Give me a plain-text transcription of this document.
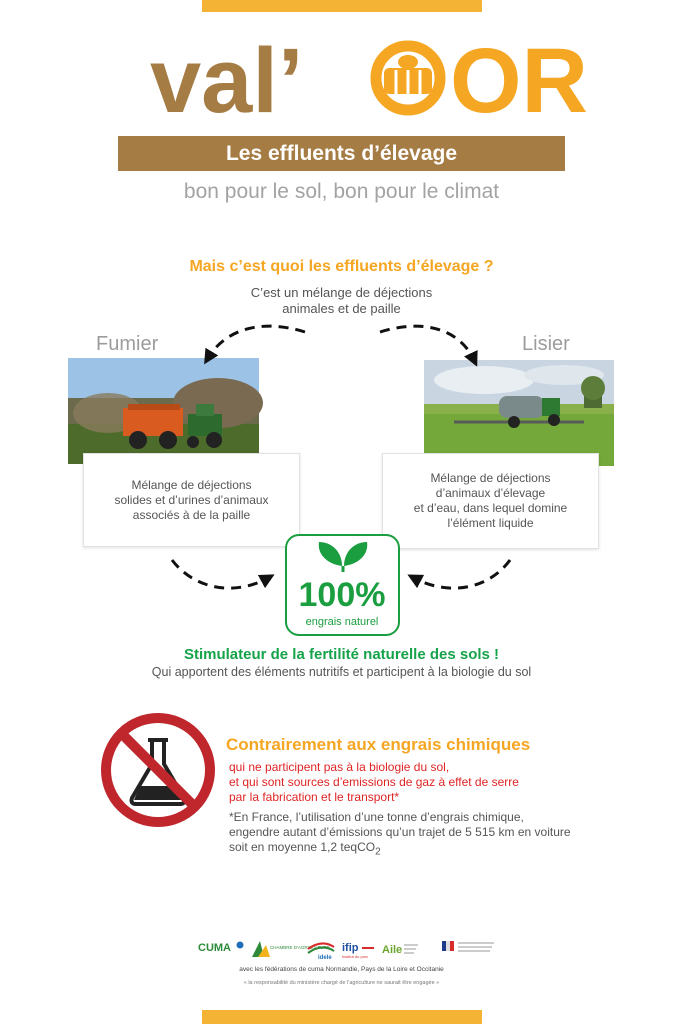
val’ OR
Les effluents d’élevage
bon pour le sol, bon pour le climat
Mais c’est quoi les effluents d’élevage ?
C’est un mélange de déjections
animales et de paille
Fumier	Lisier
Mélange de déjections
solides et d’urines d’animaux
associés à de la paille
Mélange de déjections
d’animaux d’élevage
et d’eau, dans lequel domine
l’élément liquide
100%
engrais naturel
Stimulateur de la fertilité naturelle des sols !
Qui apportent des éléments nutritifs et participent à la biologie du sol
Contrairement aux engrais chimiques
qui ne participent pas à la biologie du sol,
et qui sont sources d’emissions de gaz à effet de serre
par la fabrication et le transport*
*En France, l’utilisation d’une tonne d’engrais chimique,
engendre autant d’émissions qu’un trajet de 5 515 km en voiture
soit en moyenne 1,2 teqCO$_2$
CUMA	CHAMBRE D'AGRICULTURE
idele
ifip
Institut du porc
Aile
avec les fédérations de cuma Normandie, Pays de la Loire et Occitanie
« la responsabilité du ministère chargé de l'agriculture ne saurait être engagée »
